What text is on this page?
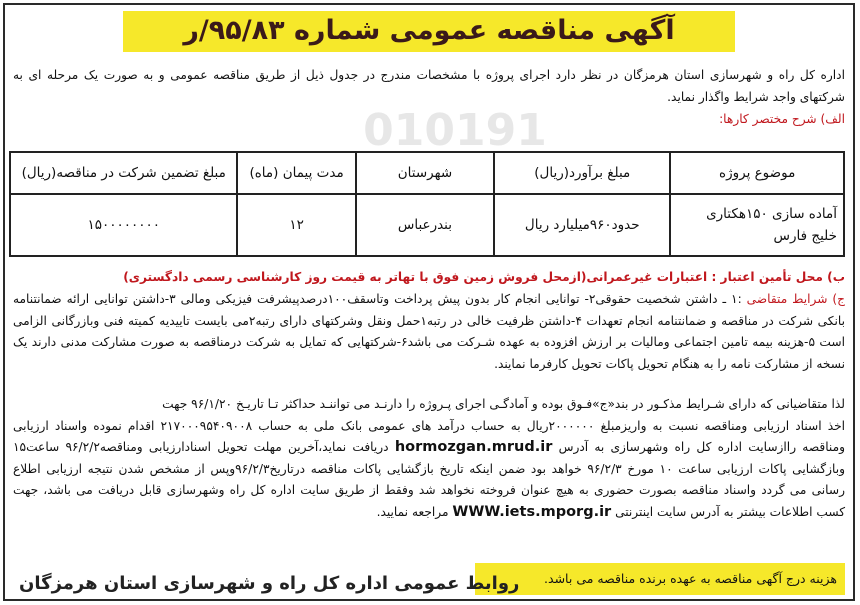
010191
آگهی مناقصه عمومی شماره ۹۵/۸۳/ر
اداره کل راه و شهرسازی استان هرمزگان در نظر دارد اجرای پروژه با مشخصات مندرج در جدول ذیل از طریق مناقصه عمومی و به صورت یک مرحله ای به شرکتهای واجد شرایط واگذار نماید.
الف) شرح مختصر کارها:
موضوع پروژه	مبلغ برآورد(ریال)	شهرستان	مدت پیمان (ماه)	مبلغ تضمین شرکت در مناقصه(ریال)
آماده سازی ۱۵۰هکتاری خلیج فارس	حدود۹۶۰میلیارد ریال	بندرعباس	۱۲	۱۵۰۰۰۰۰۰۰۰
ب) محل تأمین اعتبار : اعتبارات غیرعمرانی(ازمحل فروش زمین فوق با تهاتر به قیمت روز کارشناسی رسمی دادگستری)
ج) شرایط متقاضی :۱ ـ داشتن شخصیت حقوقی۲- توانایی انجام کار بدون پیش پرداخت وتاسقف۱۰۰درصدپیشرفت فیزیکی ومالی ۳-داشتن توانایی ارائه ضمانتنامه بانکی شرکت در مناقصه و ضمانتنامه انجام تعهدات ۴-داشتن ظرفیت خالی در رتبه۱حمل ونقل وشرکتهای دارای رتبه۲می بایست تاییدیه کمیته فنی وبازرگانی الزامی است ۵-هزینه بیمه تامین اجتماعی ومالیات بر ارزش افزوده به عهده شـرکت می باشد۶-شرکتهایی که تمایل به شرکت درمناقصه به صورت مشارکت مدنی دارند یک نسخه از مشارکت نامه را به هنگام تحویل پاکات تحویل کارفرما نمایند.
لذا متقاضیانی که دارای شـرایط مذکـور در بند«ج»فـوق بوده و آمادگـی اجرای پـروژه را دارنـد می تواننـد حداکثر تـا تاریـخ ۹۶/۱/۲۰ جهت
اخذ اسناد ارزیابی ومناقصه نسبت به واریزمبلغ ۲۰۰۰۰۰۰ریال به حساب درآمد های عمومی بانک ملی به حساب ۲۱۷۰۰۰۹۵۴۰۹۰۰۸ اقدام نموده واسناد ارزیابی ومناقصه راازسایت اداره کل راه وشهرسازی به آدرس hormozgan.mrud.ir دریافت نماید،آخرین مهلت تحویل اسنادارزیابی ومناقصه۹۶/۲/۲ ساعت۱۵ وبازگشایی پاکات ارزیابی ساعت ۱۰ مورخ ۹۶/۲/۳ خواهد بود ضمن اینکه تاریخ بازگشایی پاکات مناقصه درتاریخ۹۶/۲/۳وپس از مشخص شدن نتیجه ارزیابی اطلاع رسانی می گردد واسناد مناقصه بصورت حضوری به هیچ عنوان فروخته نخواهد شد وفقط از طریق سایت اداره کل راه وشهرسازی قابل دریافت می باشد، جهت کسب اطلاعات بیشتر به آدرس سایت اینترنتی WWW.iets.mporg.ir مراجعه نمایید.
هزینه درج آگهی مناقصه به عهده برنده مناقصه می باشد.
روابط عمومی اداره کل راه و شهرسازی استان هرمزگان
